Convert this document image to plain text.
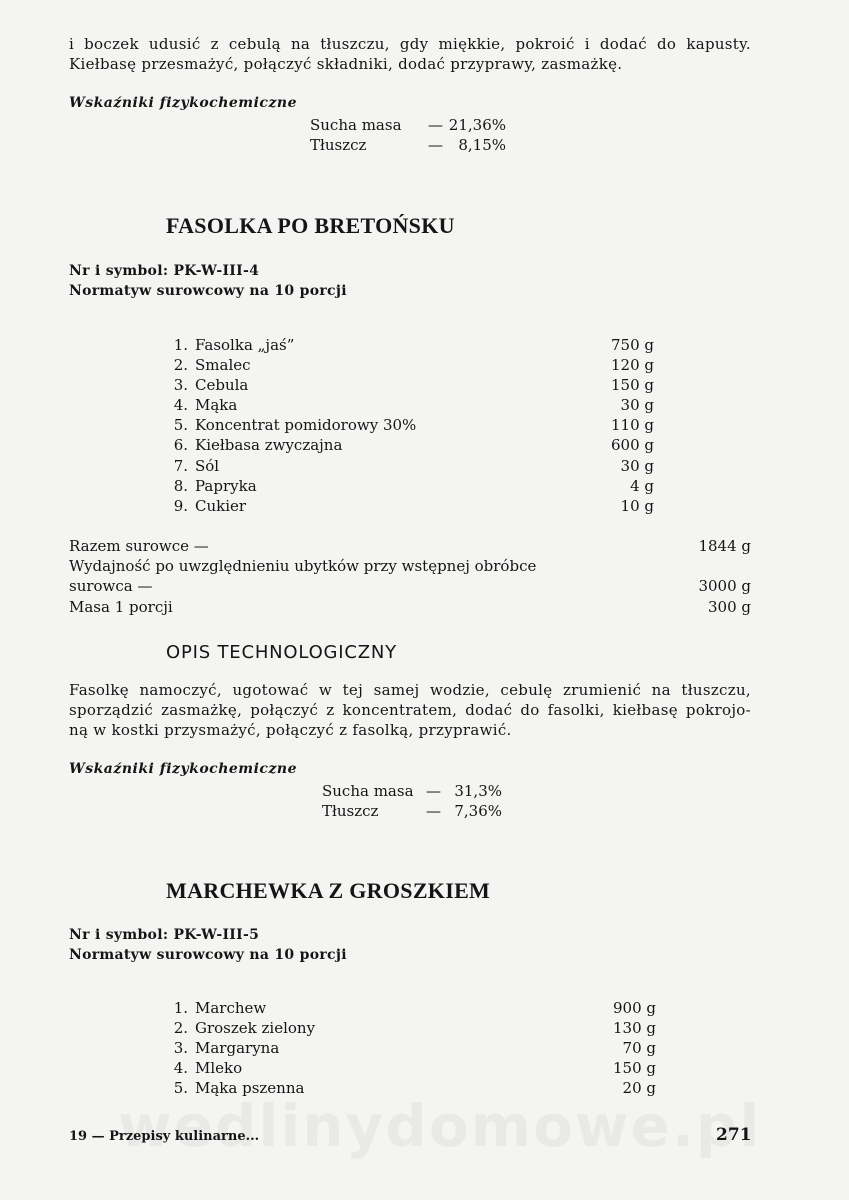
i boczek udusić z cebulą na tłuszczu, gdy miękkie, pokroić i dodać do kapusty.
Kiełbasę przesmażyć, połączyć składniki, dodać przyprawy, zasmażkę.
Wskaźniki fizykochemiczne
Sucha masa	— 21,36%
Tłuszcz	—	8,15%
FASOLKA PO BRETOŃSKU
Nr i symbol: PK-W-III-4
Normatyw surowcowy na 10 porcji
1. Fasolka „jaś”	750 g
2. Smalec	120 g
3. Cebula	150 g
4. Mąka	30 g
5. Koncentrat pomidorowy 30%	110 g
6. Kiełbasa zwyczajna	600 g
7. Sól	30 g
8. Papryka	4 g
9. Cukier	10 g
Razem surowce —	1844 g
Wydajność po uwzględnieniu ubytków przy wstępnej obróbce
surowca —	3000 g
Masa 1 porcji	300 g
OPIS TECHNOLOGICZNY
Fasolkę namoczyć, ugotować w tej samej wodzie, cebulę zrumienić na tłuszczu,
sporządzić zasmażkę, połączyć z koncentratem, dodać do fasolki, kiełbasę pokrojo-
ną w kostki przysmażyć, połączyć z fasolką, przyprawić.
Wskaźniki fizykochemiczne
Sucha masa — 31,3%
Tłuszcz	— 7,36%
MARCHEWKA Z GROSZKIEM
Nr i symbol: PK-W-III-5
Normatyw surowcowy na 10 porcji
1. Marchew	900 g
2. Groszek zielony	130 g
3. Margaryna	70 g
4. Mleko	150 g
5. Mąka pszenna	20 g
19 — Przepisy kulinarne...	271
